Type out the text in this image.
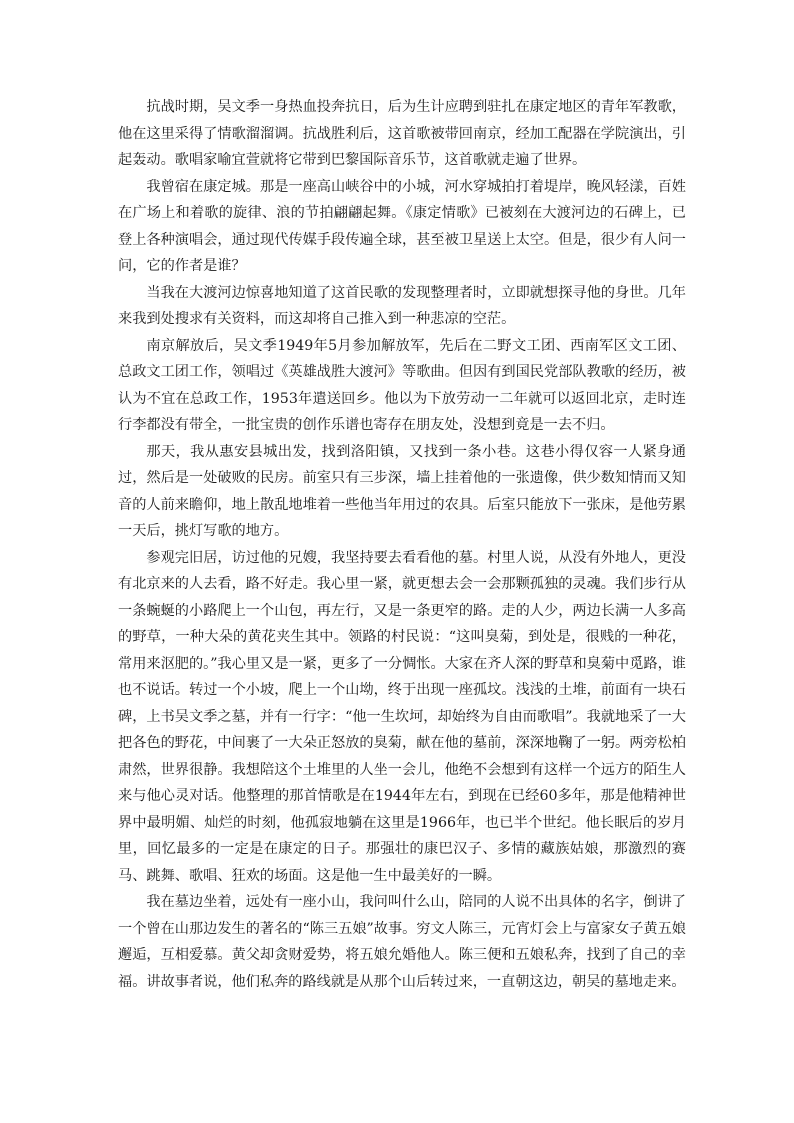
抗战时期，吴文季一身热血投奔抗日，后为生计应聘到驻扎在康定地区的青年军教歌，他在这里采得了情歌溜溜调。抗战胜利后，这首歌被带回南京，经加工配器在学院演出，引起轰动。歌唱家喻宜萱就将它带到巴黎国际音乐节，这首歌就走遍了世界。

我曾宿在康定城。那是一座高山峡谷中的小城，河水穿城拍打着堤岸，晚风轻漾，百姓在广场上和着歌的旋律、浪的节拍翩翩起舞。《康定情歌》已被刻在大渡河边的石碑上，已登上各种演唱会，通过现代传媒手段传遍全球，甚至被卫星送上太空。但是，很少有人问一问，它的作者是谁？

当我在大渡河边惊喜地知道了这首民歌的发现整理者时，立即就想探寻他的身世。几年来我到处搜求有关资料，而这却将自己推入到一种悲凉的空茫。

南京解放后，吴文季1949年5月参加解放军，先后在二野文工团、西南军区文工团、总政文工团工作，领唱过《英雄战胜大渡河》等歌曲。但因有到国民党部队教歌的经历，被认为不宜在总政工作，1953年遣送回乡。他以为下放劳动一二年就可以返回北京，走时连行李都没有带全，一批宝贵的创作乐谱也寄存在朋友处，没想到竟是一去不归。

那天，我从惠安县城出发，找到洛阳镇，又找到一条小巷。这巷小得仅容一人紧身通过，然后是一处破败的民房。前室只有三步深，墙上挂着他的一张遗像，供少数知情而又知音的人前来瞻仰，地上散乱地堆着一些他当年用过的农具。后室只能放下一张床，是他劳累一天后，挑灯写歌的地方。

参观完旧居，访过他的兄嫂，我坚持要去看看他的墓。村里人说，从没有外地人，更没有北京来的人去看，路不好走。我心里一紧，就更想去会一会那颗孤独的灵魂。我们步行从一条蜿蜒的小路爬上一个山包，再左行，又是一条更窄的路。走的人少，两边长满一人多高的野草，一种大朵的黄花夹生其中。领路的村民说：“这叫臭菊，到处是，很贱的一种花，常用来沤肥的。”我心里又是一紧，更多了一分惆怅。大家在齐人深的野草和臭菊中觅路，谁也不说话。转过一个小坡，爬上一个山坳，终于出现一座孤坟。浅浅的土堆，前面有一块石碑，上书吴文季之墓，并有一行字：“他一生坎坷，却始终为自由而歌唱”。我就地采了一大把各色的野花，中间裹了一大朵正怒放的臭菊，献在他的墓前，深深地鞠了一躬。两旁松柏肃然，世界很静。我想陪这个土堆里的人坐一会儿，他绝不会想到有这样一个远方的陌生人来与他心灵对话。他整理的那首情歌是在1944年左右，到现在已经60多年，那是他精神世界中最明媚、灿烂的时刻，他孤寂地躺在这里是1966年，也已半个世纪。他长眠后的岁月里，回忆最多的一定是在康定的日子。那强壮的康巴汉子、多情的藏族姑娘，那激烈的赛马、跳舞、歌唱、狂欢的场面。这是他一生中最美好的一瞬。

我在墓边坐着，远处有一座小山，我问叫什么山，陪同的人说不出具体的名字，倒讲了一个曾在山那边发生的著名的“陈三五娘”故事。穷文人陈三，元宵灯会上与富家女子黄五娘邂逅，互相爱慕。黄父却贪财爱势，将五娘允婚他人。陈三便和五娘私奔，找到了自己的幸福。讲故事者说，他们私奔的路线就是从那个山后转过来，一直朝这边，朝吴的墓地走来。
